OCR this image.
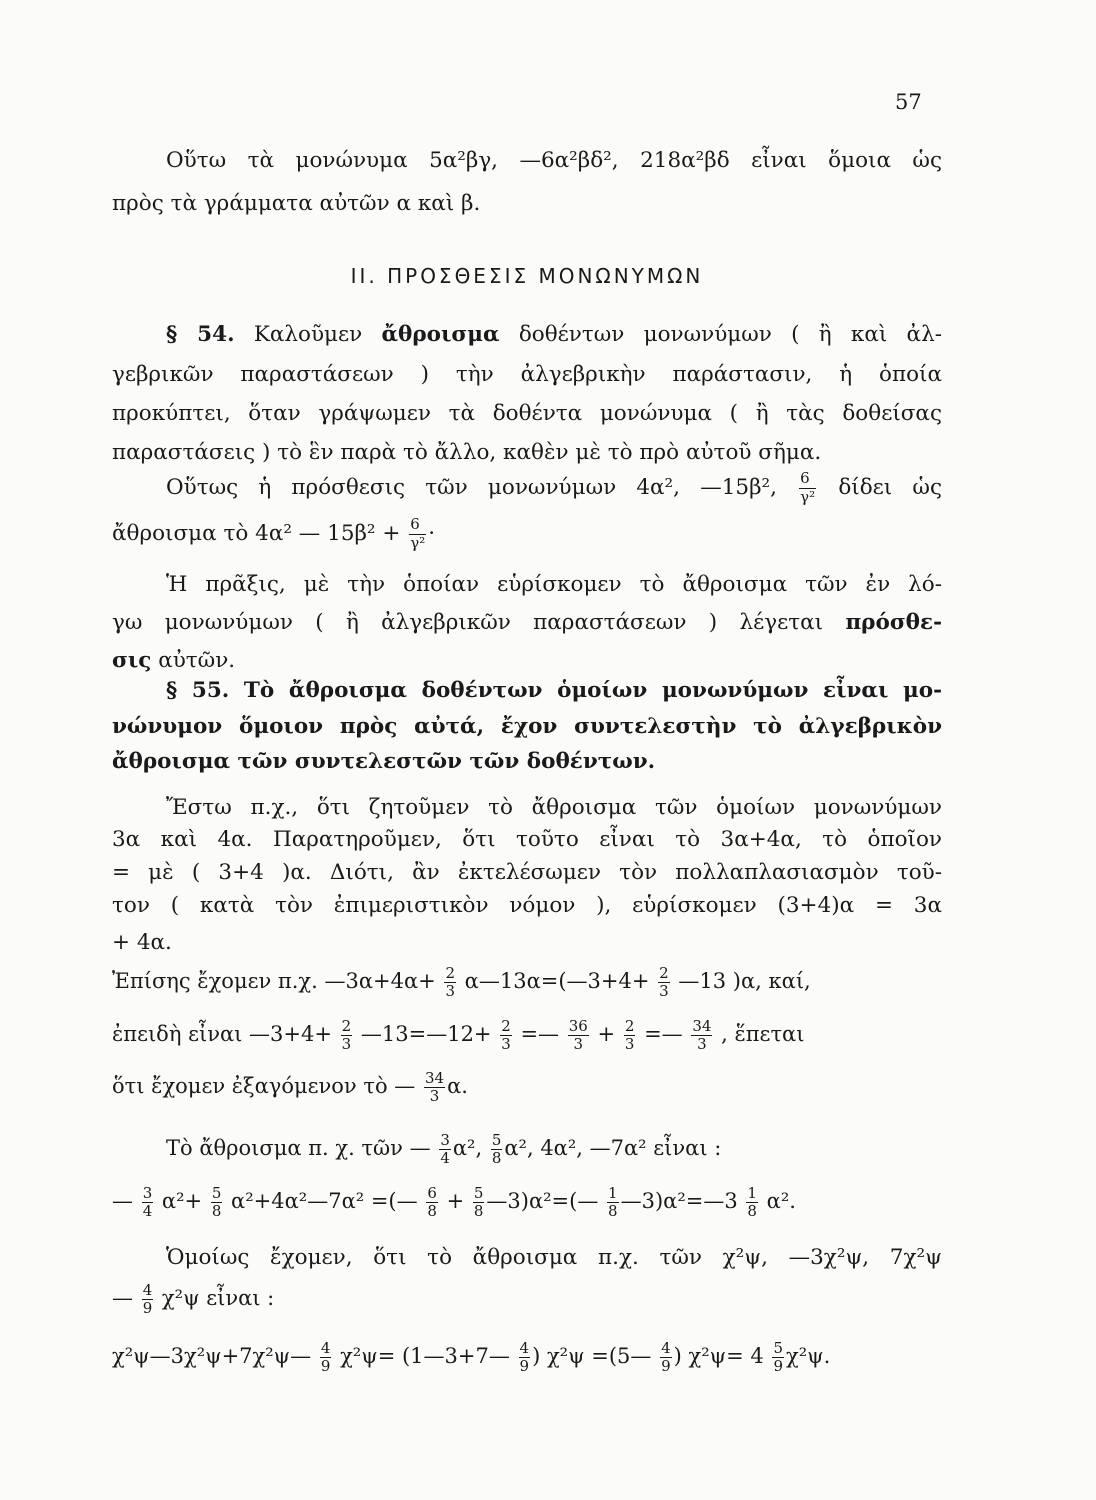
57
Οὕτω τὰ μονώνυμα 5α²βγ, —6α²βδ², 218α²βδ εἶναι ὅμοια ὡς
πρὸς τὰ γράμματα αὐτῶν α καὶ β.
II. ΠΡΟΣΘΕΣΙΣ ΜΟΝΩΝΥΜΩΝ
§ 54. Καλοῦμεν ἄθροισμα δοθέντων μονωνύμων ( ἢ καὶ ἀλ-
γεβρικῶν παραστάσεων ) τὴν ἀλγεβρικὴν παράστασιν, ἡ ὁποία
προκύπτει, ὅταν γράψωμεν τὰ δοθέντα μονώνυμα ( ἢ τὰς δοθείσας
παραστάσεις ) τὸ ἓν παρὰ τὸ ἄλλο, καθὲν μὲ τὸ πρὸ αὐτοῦ σῆμα.
Οὕτως ἡ πρόσθεσις τῶν μονωνύμων 4α², —15β², $\frac{6}{\text{γ²}}$ δίδει ὡς
ἄθροισμα τὸ 4α² — $15\beta^2 + \frac{6}{\text{γ²}}$ ·
Ἡ πρᾶξις, μὲ τὴν ὁποίαν εὑρίσκομεν τὸ ἄθροισμα τῶν ἐν λό-
γω μονωνύμων ( ἢ ἀλγεβρικῶν παραστάσεων ) λέγεται πρόσθε-
σις αὐτῶν.
§ 55. Τὸ ἄθροισμα δοθέντων ὁμοίων μονωνύμων εἶναι μο-
νώνυμον ὅμοιον πρὸς αὐτά, ἔχον συντελεστὴν τὸ ἀλγεβρικὸν
ἄθροισμα τῶν συντελεστῶν τῶν δοθέντων.
Ἔστω π.χ., ὅτι ζητοῦμεν τὸ ἄθροισμα τῶν ὁμοίων μονωνύμων
3α καὶ 4α. Παρατηροῦμεν, ὅτι τοῦτο εἶναι τὸ 3α+4α, τὸ ὁποῖον
= μὲ ( 3+4 )α. Διότι, ἂν ἐκτελέσωμεν τὸν πολλαπλασιασμὸν τοῦ-
τον ( κατὰ τὸν ἐπιμεριστικὸν νόμον ), εὑρίσκομεν (3+4)α = 3α
+ 4α.
Ἐπίσης ἔχομεν π.χ. —3α+4α+ $\frac{2}{3}$ α—13α=(—3+4+ $\frac{2}{3}$ —13 )α, καί,
ἐπειδὴ εἶναι —3+4+ $\frac{2}{3}$ —13=—12+ $\frac{2}{3}$ =— $\frac{36}{3} + \frac{2}{3}$ =— $\frac{34}{3}$ , ἕπεται
ὅτι ἔχομεν ἐξαγόμενον τὸ — $\frac{34}{3} \alpha$.
Τὸ ἄθροισμα π. χ. τῶν — $\frac{3}{4} \alpha^2$, $\frac{5}{8} \alpha^2$, 4α², —7α² εἶναι :
— $\frac{3}{4} \alpha^2+ \frac{5}{8}$ α²+4α²—7α² =(— $\frac{6}{8} + \frac{5}{8}$ —3)α²=(— $\frac{1}{8}$ —3)α²=—3 $\frac{1}{8} \alpha^2$.
Ὁμοίως ἔχομεν, ὅτι τὸ ἄθροισμα π.χ. τῶν χ²ψ, —3χ²ψ, 7χ²ψ
— $\frac{4}{9} \chi^2\psi$ εἶναι :
χ²ψ—3χ²ψ+7χ²ψ— $\frac{4}{9} \chi^2\psi=$ (1—3+7— $\frac{4}{9}$ ) χ²ψ =(5— $\frac{4}{9}$ ) $\chi^2\psi= 4 \frac{5}{9} \chi^2\psi$.
